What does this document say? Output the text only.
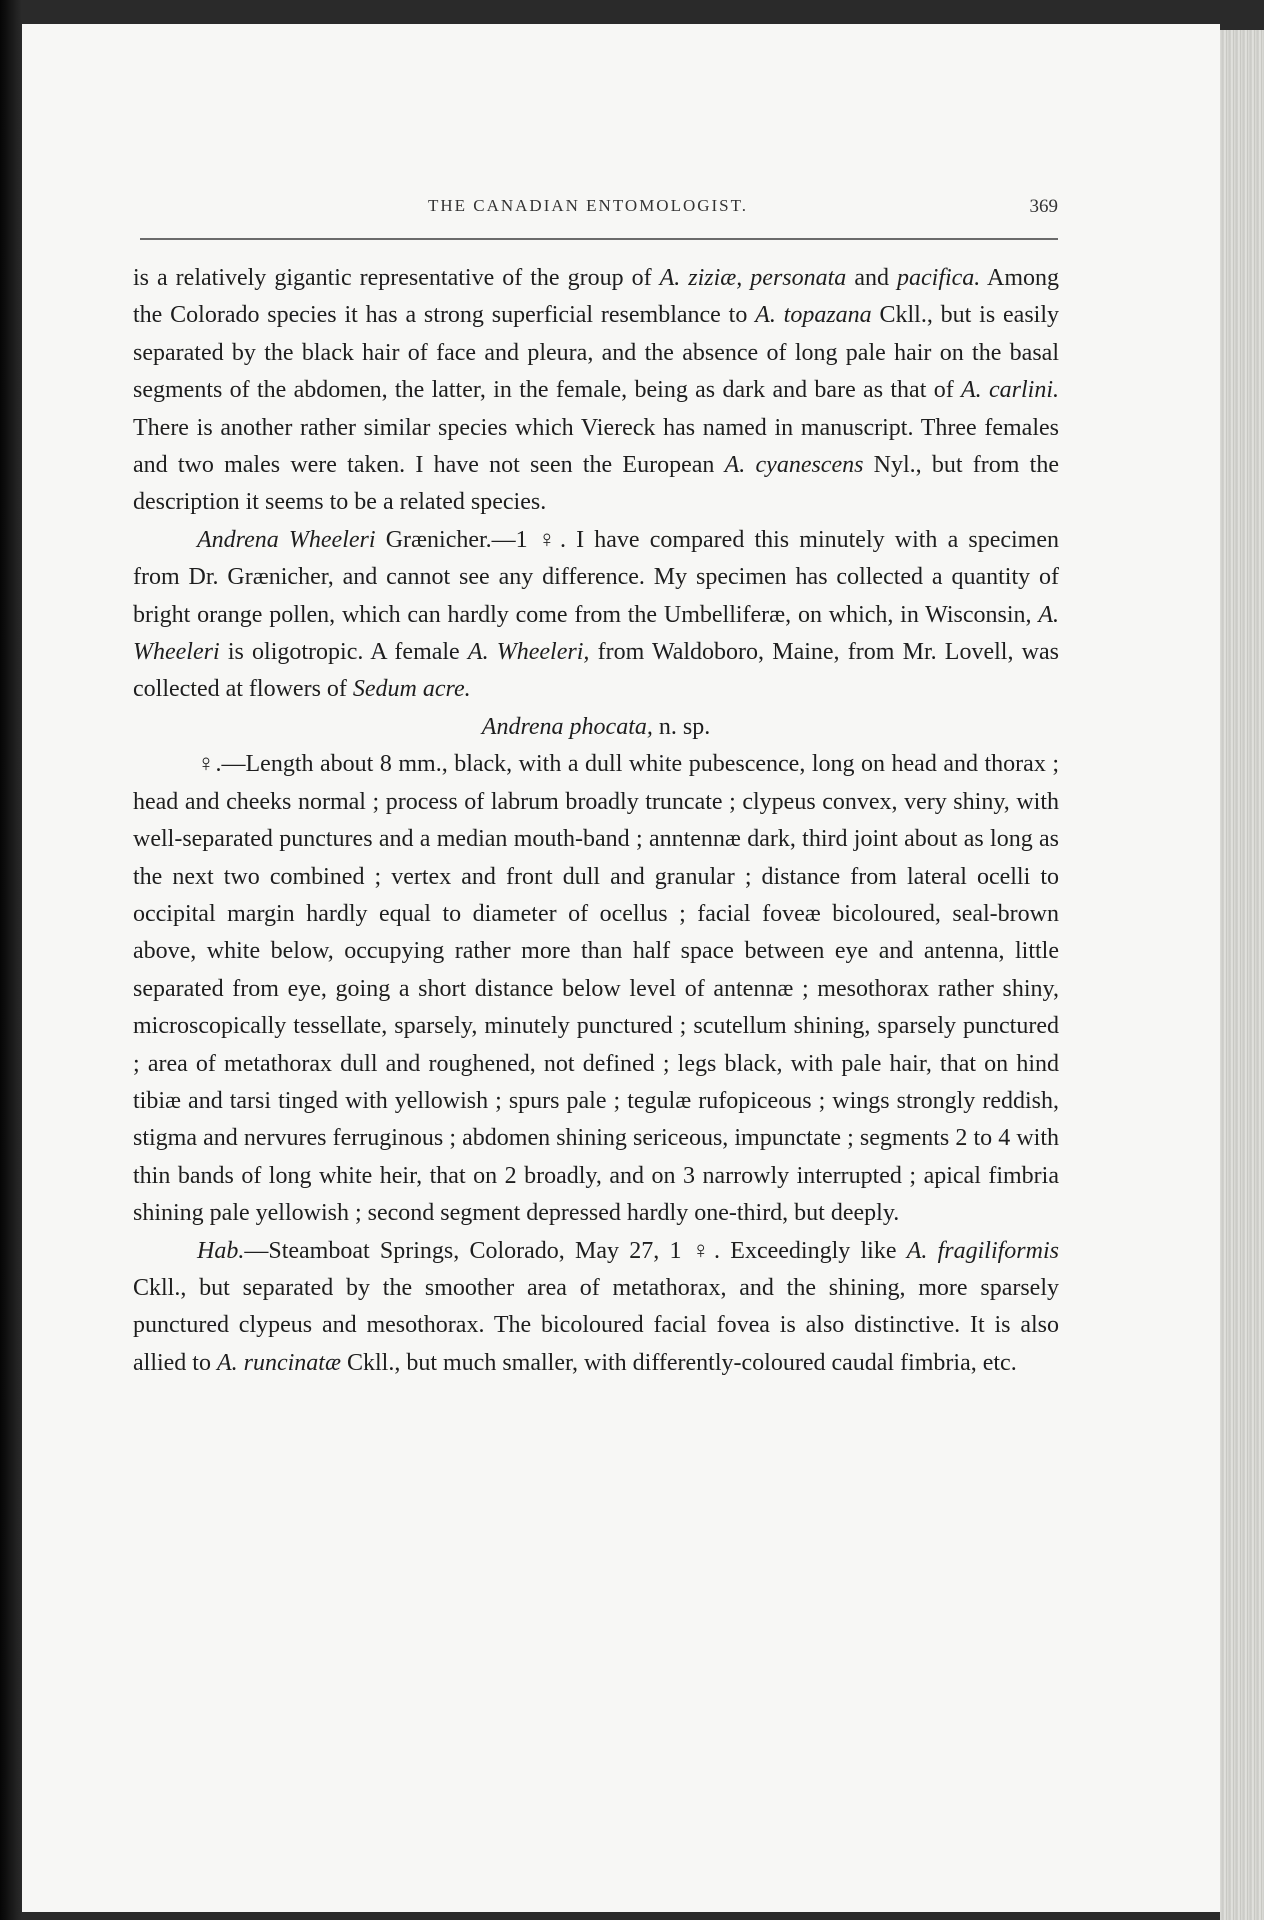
THE CANADIAN ENTOMOLOGIST.	369

is a relatively gigantic representative of the group of A. ziziæ, personata and pacifica. Among the Colorado species it has a strong superficial resemblance to A. topazana Ckll., but is easily separated by the black hair of face and pleura, and the absence of long pale hair on the basal segments of the abdomen, the latter, in the female, being as dark and bare as that of A. carlini. There is another rather similar species which Viereck has named in manuscript. Three females and two males were taken. I have not seen the European A. cyanescens Nyl., but from the description it seems to be a related species.

Andrena Wheeleri Grænicher.—1 ♀. I have compared this minutely with a specimen from Dr. Grænicher, and cannot see any difference. My specimen has collected a quantity of bright orange pollen, which can hardly come from the Umbelliferæ, on which, in Wisconsin, A. Wheeleri is oligotropic. A female A. Wheeleri, from Waldoboro, Maine, from Mr. Lovell, was collected at flowers of Sedum acre.

Andrena phocata, n. sp.

♀.—Length about 8 mm., black, with a dull white pubescence, long on head and thorax ; head and cheeks normal ; process of labrum broadly truncate ; clypeus convex, very shiny, with well-separated punctures and a median mouth-band ; anntennæ dark, third joint about as long as the next two combined ; vertex and front dull and granular ; distance from lateral ocelli to occipital margin hardly equal to diameter of ocellus ; facial foveæ bicoloured, seal-brown above, white below, occupying rather more than half space between eye and antenna, little separated from eye, going a short distance below level of antennæ ; mesothorax rather shiny, microscopically tessellate, sparsely, minutely punctured ; scutellum shining, sparsely punctured ; area of metathorax dull and roughened, not defined ; legs black, with pale hair, that on hind tibiæ and tarsi tinged with yellowish ; spurs pale ; tegulæ rufopiceous ; wings strongly reddish, stigma and nervures ferruginous ; abdomen shining sericeous, impunctate ; segments 2 to 4 with thin bands of long white heir, that on 2 broadly, and on 3 narrowly interrupted ; apical fimbria shining pale yellowish ; second segment depressed hardly one-third, but deeply.

Hab.—Steamboat Springs, Colorado, May 27, 1 ♀. Exceedingly like A. fragiliformis Ckll., but separated by the smoother area of metathorax, and the shining, more sparsely punctured clypeus and mesothorax. The bicoloured facial fovea is also distinctive. It is also allied to A. runcinatæ Ckll., but much smaller, with differently-coloured caudal fimbria, etc.
